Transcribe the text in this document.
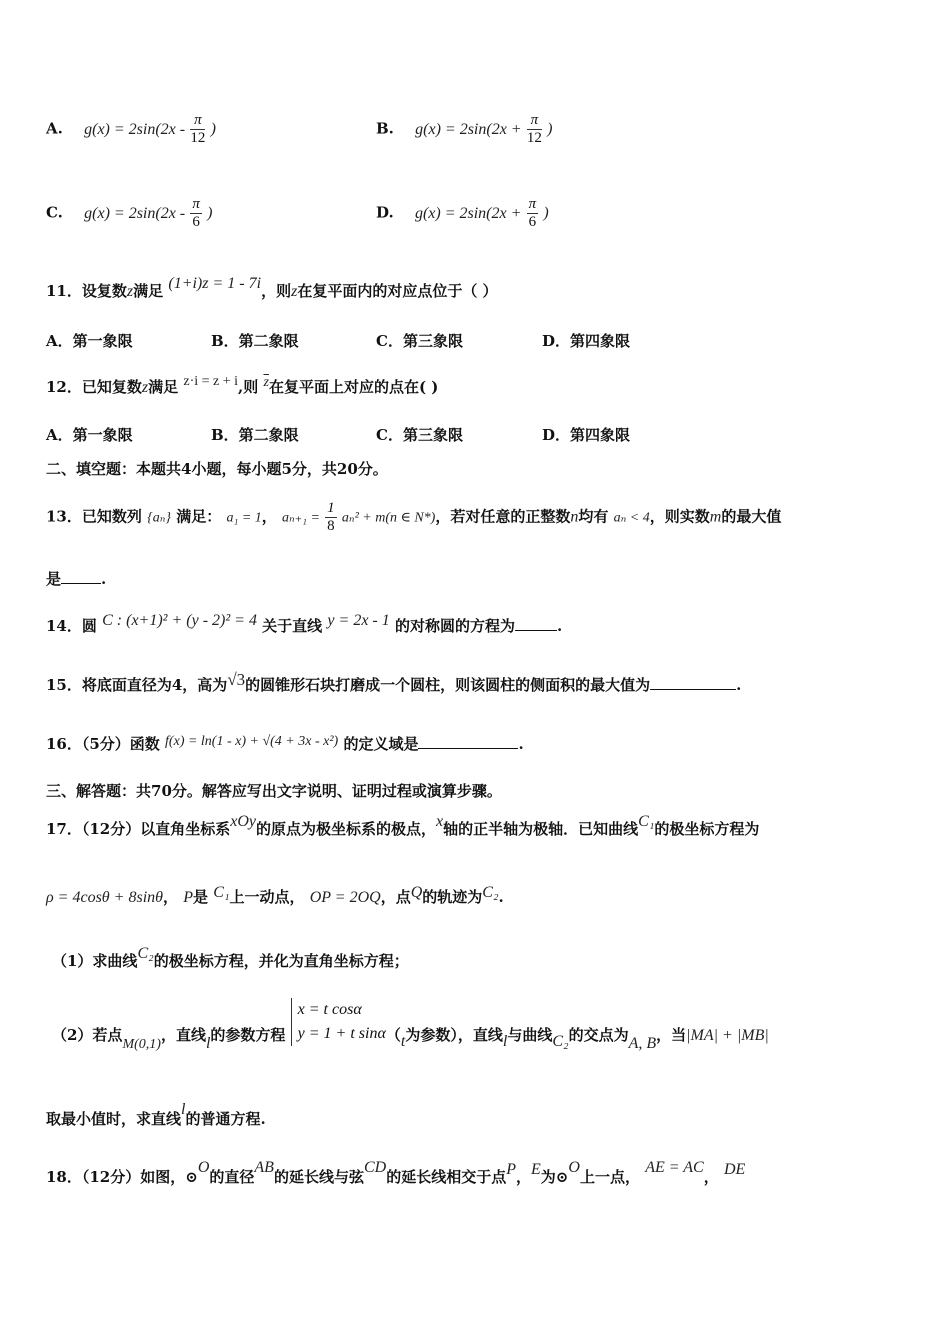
A. $g(x) = 2\sin(2x - \frac{\pi}{12}$ )	B. $g(x) = 2\sin(2x + \frac{\pi}{12}$ )
C. $g(x) = 2\sin(2x - \frac{\pi}{6}$ )	D. $g(x) = 2\sin(2x + \frac{\pi}{6}$ )
11．设复数z满足 (1+i)z = 1 - 7i，则z在复平面内的对应点位于（ ）
A．第一象限	B．第二象限	C．第三象限	D．第四象限
12．已知复数z满足 z·i = z + i,则 $\overline{z}$在复平面上对应的点在( )
A．第一象限	B．第二象限	C．第三象限	D．第四象限
二、填空题：本题共4小题，每小题5分，共20分。
13．已知数列 {aₙ} 满足： a₁ = 1， $a_{n+1} = \frac{1}{8} a_n^2 + m(n$ ∈ N*)，若对任意的正整数n均有 aₙ < 4，则实数m的最大值
是	.
14．圆 C : (x+1)² + (y - 2)² = 4 关于直线 y = 2x - 1 的对称圆的方程为	.
15．将底面直径为4，高为√3的圆锥形石块打磨成一个圆柱，则该圆柱的侧面积的最大值为	.
16．（5分）函数 f(x) = ln(1 - x) + √(4 + 3x - x²) 的定义域是	.
三、解答题：共70分。解答应写出文字说明、证明过程或演算步骤。
17．（12分）以直角坐标系xOy的原点为极坐标系的极点，x轴的正半轴为极轴．已知曲线C₁的极坐标方程为
ρ = 4cosθ + 8sinθ， P是 C₁上一动点， OP = 2OQ，点Q的轨迹为C₂.
（1）求曲线C₂的极坐标方程，并化为直角坐标方程；
（2）若点M(0,1)，直线l的参数方程
x = t cosα
y = 1 + t sinα （t为参数），直线l与曲线C₂的交点为A, B，当|MA| + |MB|
取最小值时，求直线l的普通方程.
18．（12分）如图，⊙O的直径AB的延长线与弦CD的延长线相交于点P，E为⊙O上一点， AE = AC， DE
